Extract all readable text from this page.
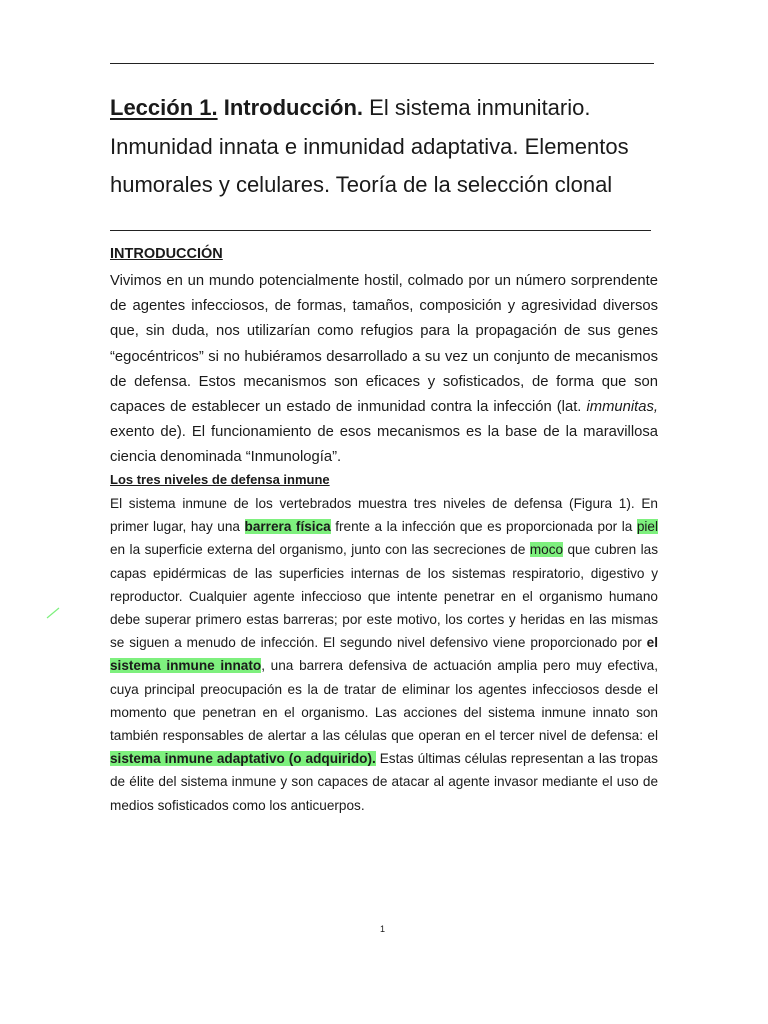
Lección 1. Introducción. El sistema inmunitario. Inmunidad innata e inmunidad adaptativa. Elementos humorales y celulares. Teoría de la selección clonal
INTRODUCCIÓN

Vivimos en un mundo potencialmente hostil, colmado por un número sorprendente de agentes infecciosos, de formas, tamaños, composición y agresividad diversos que, sin duda, nos utilizarían como refugios para la propagación de sus genes “egocéntricos” si no hubiéramos desarrollado a su vez un conjunto de mecanismos de defensa. Estos mecanismos son eficaces y sofisticados, de forma que son capaces de establecer un estado de inmunidad contra la infección (lat. immunitas, exento de). El funcionamiento de esos mecanismos es la base de la maravillosa ciencia denominada “Inmunología”.

Los tres niveles de defensa inmune

El sistema inmune de los vertebrados muestra tres niveles de defensa (Figura 1). En primer lugar, hay una barrera física frente a la infección que es proporcionada por la piel en la superficie externa del organismo, junto con las secreciones de moco que cubren las capas epidérmicas de las superficies internas de los sistemas respiratorio, digestivo y reproductor. Cualquier agente infeccioso que intente penetrar en el organismo humano debe superar primero estas barreras; por este motivo, los cortes y heridas en las mismas se siguen a menudo de infección. El segundo nivel defensivo viene proporcionado por el sistema inmune innato, una barrera defensiva de actuación amplia pero muy efectiva, cuya principal preocupación es la de tratar de eliminar los agentes infecciosos desde el momento que penetran en el organismo. Las acciones del sistema inmune innato son también responsables de alertar a las células que operan en el tercer nivel de defensa: el sistema inmune adaptativo (o adquirido). Estas últimas células representan a las tropas de élite del sistema inmune y son capaces de atacar al agente invasor mediante el uso de medios sofisticados como los anticuerpos.

1
